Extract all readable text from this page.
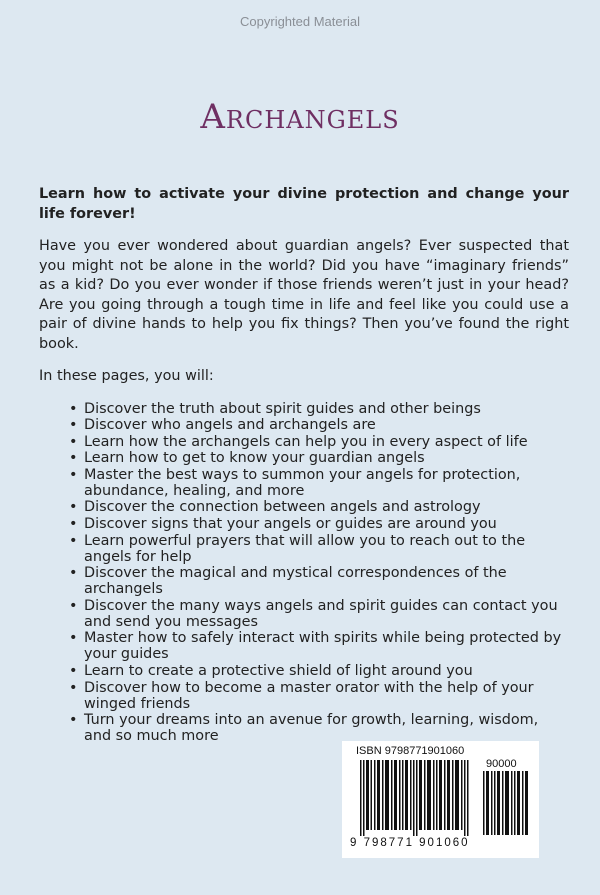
Copyrighted Material
Archangels

Learn how to activate your divine protection and change your life forever!

Have you ever wondered about guardian angels? Ever suspected that you might not be alone in the world? Did you have “imaginary friends” as a kid? Do you ever wonder if those friends weren’t just in your head? Are you going through a tough time in life and feel like you could use a pair of divine hands to help you fix things? Then you’ve found the right book.

In these pages, you will:

• Discover the truth about spirit guides and other beings
• Discover who angels and archangels are
• Learn how the archangels can help you in every aspect of life
• Learn how to get to know your guardian angels
• Master the best ways to summon your angels for protection, abundance, healing, and more
• Discover the connection between angels and astrology
• Discover signs that your angels or guides are around you
• Learn powerful prayers that will allow you to reach out to the angels for help
• Discover the magical and mystical correspondences of the archangels
• Discover the many ways angels and spirit guides can contact you and send you messages
• Master how to safely interact with spirits while being protected by your guides
• Learn to create a protective shield of light around you
• Discover how to become a master orator with the help of your winged friends
• Turn your dreams into an avenue for growth, learning, wisdom, and so much more
ISBN 9798771901060
90000
9 798771 901060
